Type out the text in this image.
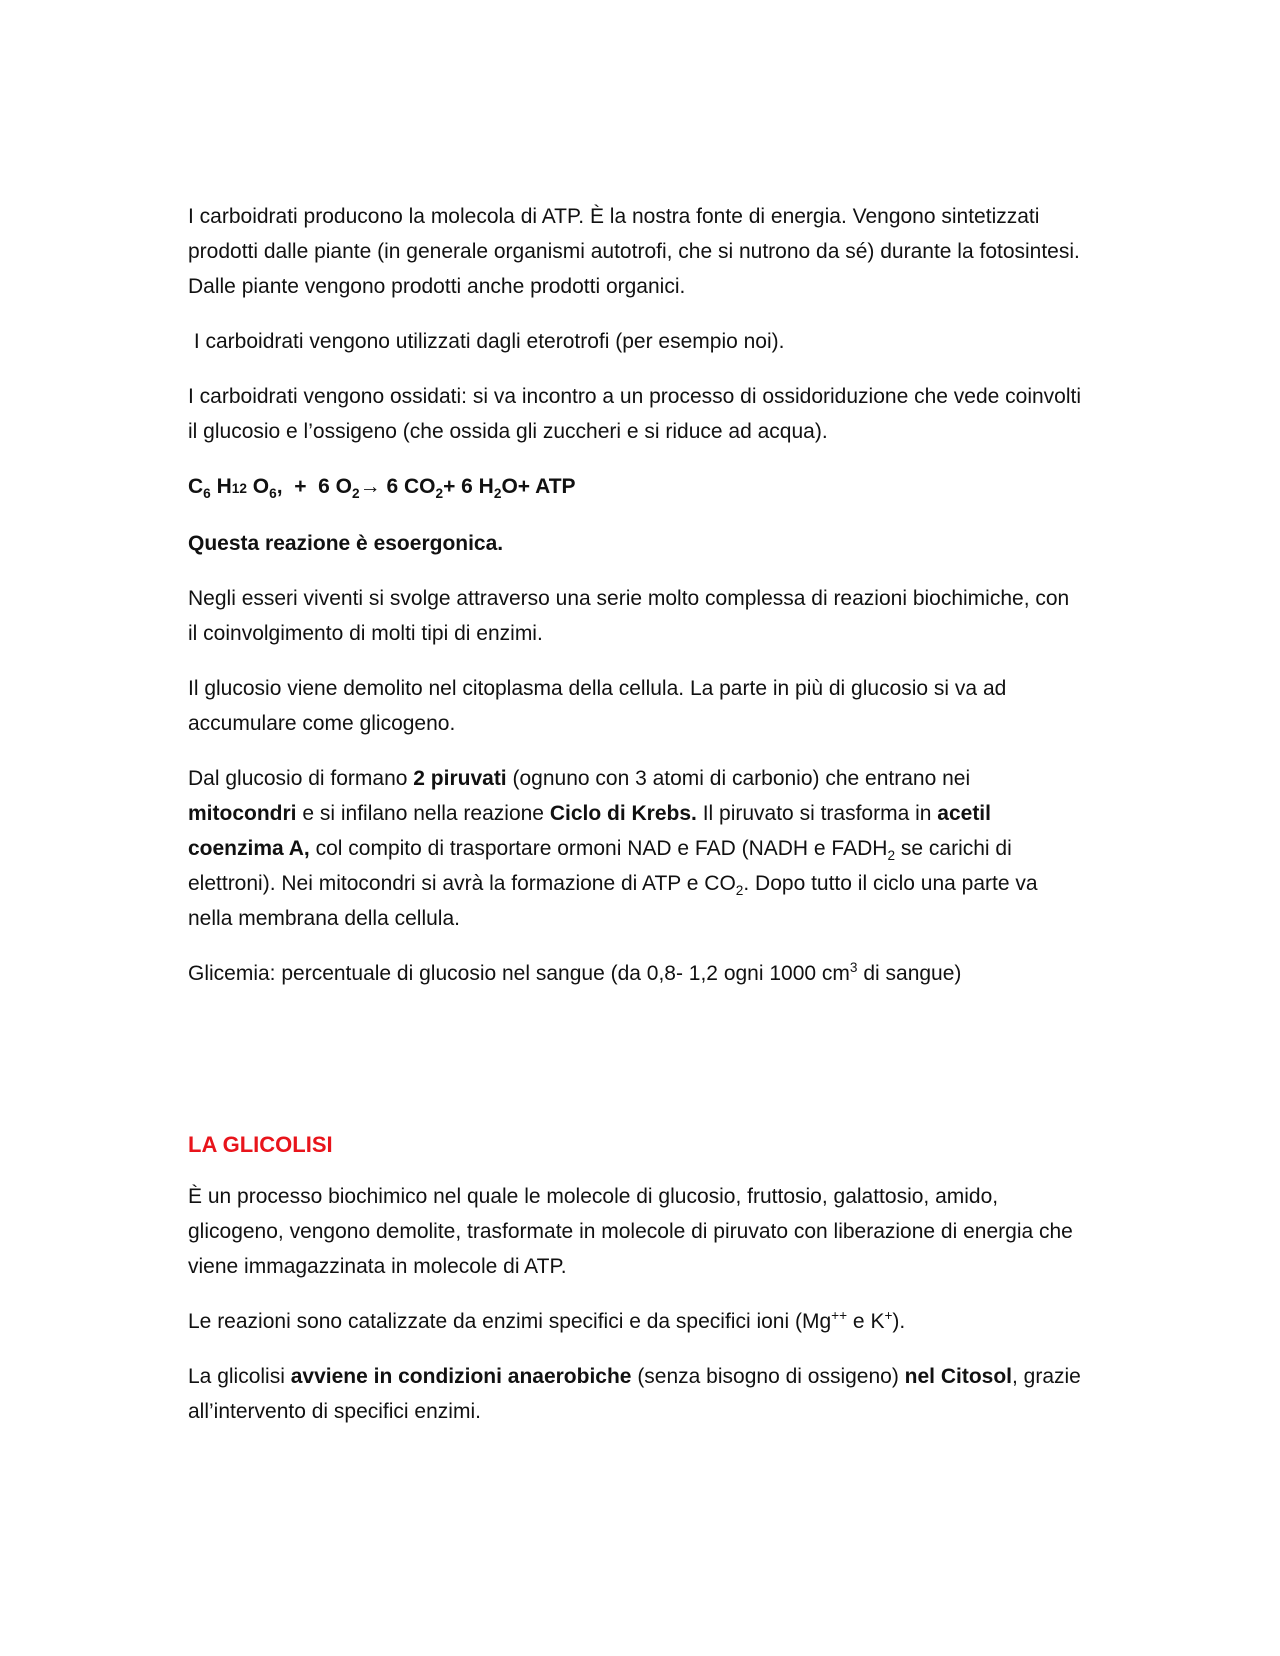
I carboidrati producono la molecola di ATP. È la nostra fonte di energia. Vengono sintetizzati prodotti dalle piante (in generale organismi autotrofi, che si nutrono da sé) durante la fotosintesi. Dalle piante vengono prodotti anche prodotti organici.

I carboidrati vengono utilizzati dagli eterotrofi (per esempio noi).

I carboidrati vengono ossidati: si va incontro a un processo di ossidoriduzione che vede coinvolti il glucosio e l’ossigeno (che ossida gli zuccheri e si riduce ad acqua).

$C_6$ H12 $O_6$,  +  6 $O_2\to 6$ $CO_2+ 6$ $H_2O+$ ATP

Questa reazione è esoergonica.

Negli esseri viventi si svolge attraverso una serie molto complessa di reazioni biochimiche, con il coinvolgimento di molti tipi di enzimi.

Il glucosio viene demolito nel citoplasma della cellula. La parte in più di glucosio si va ad accumulare come glicogeno.

Dal glucosio di formano 2 piruvati (ognuno con 3 atomi di carbonio) che entrano nei mitocondri e si infilano nella reazione Ciclo di Krebs. Il piruvato si trasforma in acetil coenzima A, col compito di trasportare ormoni NAD e FAD (NADH e $FADH_2$ se carichi di elettroni). Nei mitocondri si avrà la formazione di ATP e $CO_2$. Dopo tutto il ciclo una parte va nella membrana della cellula.

Glicemia: percentuale di glucosio nel sangue (da 0,8- 1,2 ogni 1000 $cm^3$ di sangue)

LA GLICOLISI

È un processo biochimico nel quale le molecole di glucosio, fruttosio, galattosio, amido, glicogeno, vengono demolite, trasformate in molecole di piruvato con liberazione di energia che viene immagazzinata in molecole di ATP.

Le reazioni sono catalizzate da enzimi specifici e da specifici ioni (Mg++ e K+).

La glicolisi avviene in condizioni anaerobiche (senza bisogno di ossigeno) nel Citosol, grazie all’intervento di specifici enzimi.
